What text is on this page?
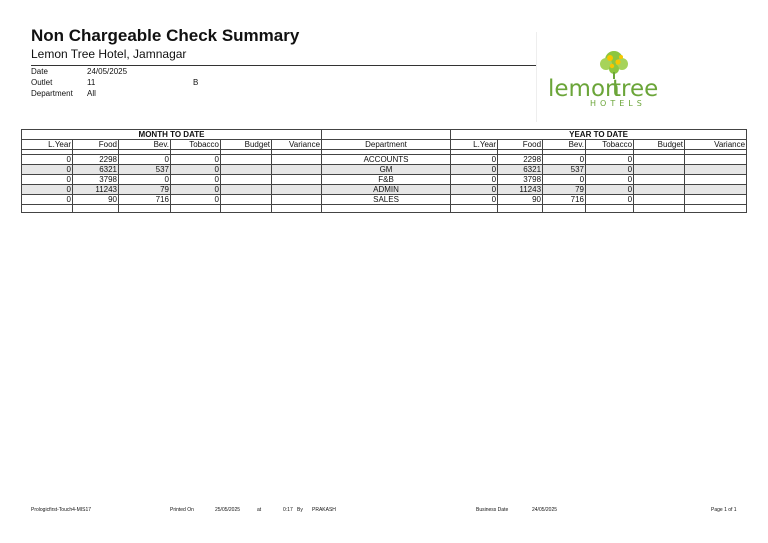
Non Chargeable Check Summary
Lemon Tree Hotel, Jamnagar
Date	24/05/2025
Outlet	11	B
Department	All	lemon
tree
HOTELS
MONTH TO DATE							YEAR TO DATE					
L.Year	Food	Bev.	Tobacco	Budget	Variance	Department	L.Year	Food	Bev.	Tobacco	Budget	Variance

0	2298	0	0			ACCOUNTS	0	2298	0	0		
0	6321	537	0			GM	0	6321	537	0		
0	3798	0	0			F&B	0	3798	0	0		
0	11243	79	0			ADMIN	0	11243	79	0		
0	90	716	0			SALES	0	90	716	0		

Prologicfirst-Touch4-MIS17	Printed On	25/05/2025	at	0:17 By PRAKASH	Business Date	24/05/2025	Page 1 of 1
